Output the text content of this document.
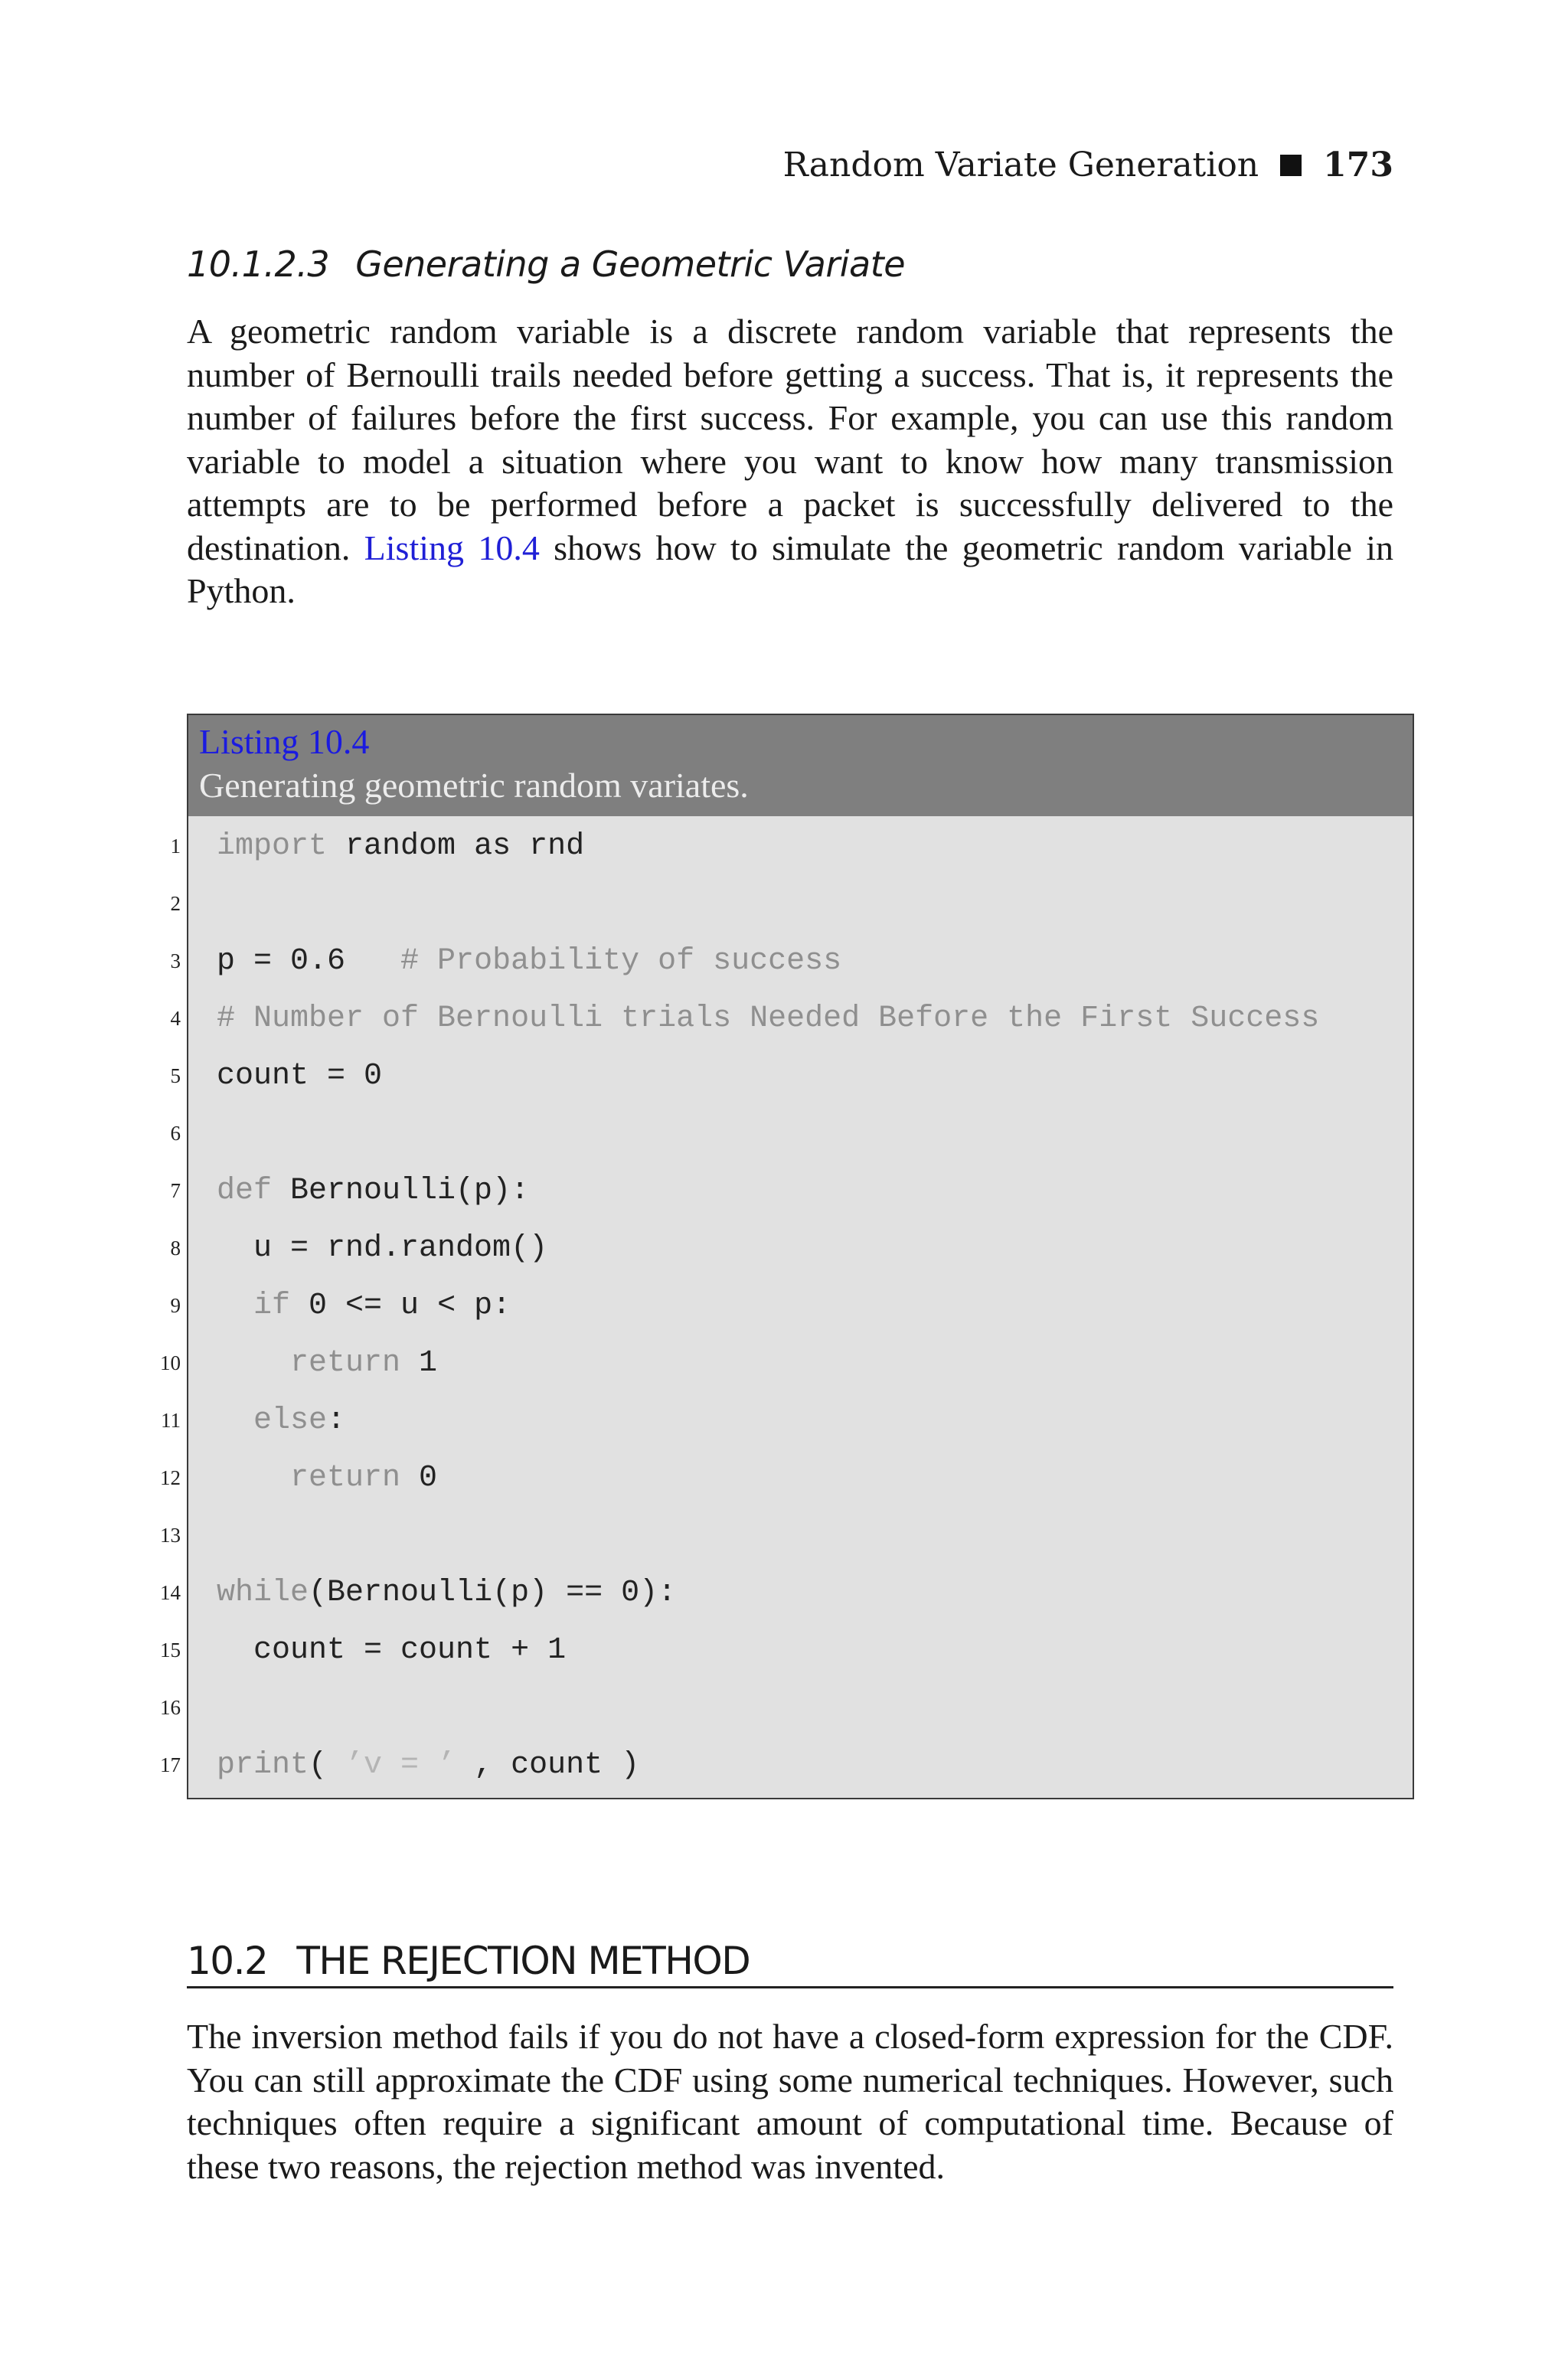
Random Variate Generation 173
10.1.2.3 Generating a Geometric Variate

A geometric random variable is a discrete random variable that represents the number of Bernoulli trails needed before getting a success. That is, it represents the number of failures before the first success. For example, you can use this random variable to model a situation where you want to know how many transmission attempts are to be performed before a packet is successfully delivered to the destination. Listing 10.4 shows how to simulate the geometric random variable in Python.

Listing 10.4
Generating geometric random variates.
1 import random as rnd
2
3 p = 0.6   # Probability of success
4 # Number of Bernoulli trials Needed Before the First Success
5 count = 0
6
7 def Bernoulli(p):
8 u = rnd.random()
9	if 0 <= u < p:
10	return 1
11	else:
12	return 0
13
14 while(Bernoulli(p) == 0):
15 count = count + 1
16
17 print( ’v = ’ , count )
10.2 THE REJECTION METHOD

The inversion method fails if you do not have a closed-form expression for the CDF. You can still approximate the CDF using some numerical techniques. However, such techniques often require a significant amount of computational time. Because of these two reasons, the rejection method was invented.
